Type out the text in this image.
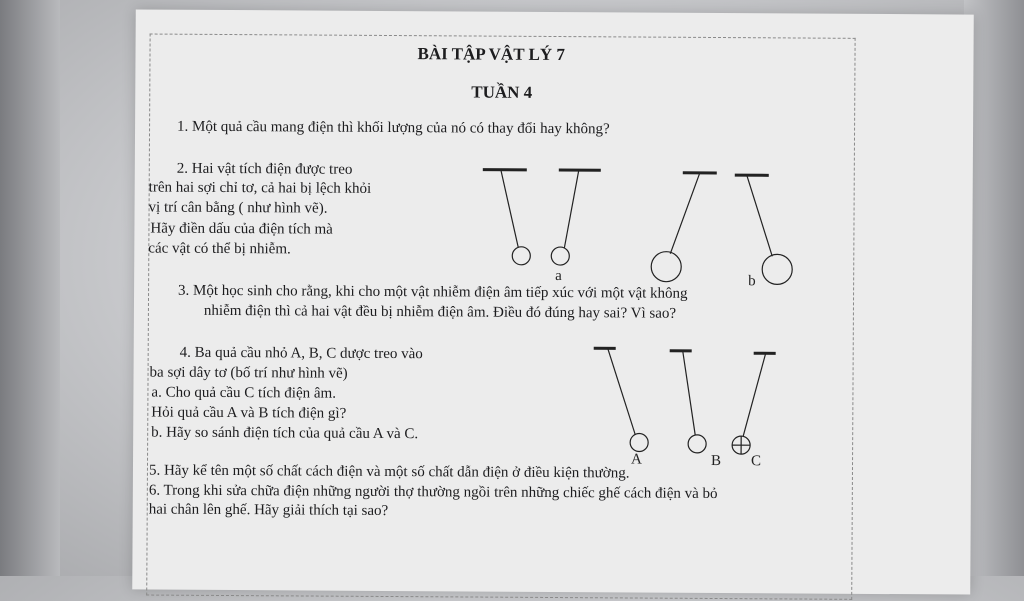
BÀI TẬP VẬT LÝ 7
TUẦN 4
1. Một quả cầu mang điện thì khối lượng của nó có thay đổi hay không?
2. Hai vật tích điện được treo
trên hai sợi chỉ tơ, cả hai bị lệch khỏi
vị trí cân bằng ( như hình vẽ).
Hãy điền dấu của điện tích mà
các vật có thể bị nhiễm.
a	b
A	B C
3. Một học sinh cho rằng, khi cho một vật nhiễm điện âm tiếp xúc với một vật không
nhiễm điện thì cả hai vật đều bị nhiễm điện âm. Điều đó đúng hay sai? Vì sao?
4. Ba quả cầu nhỏ A, B, C dược treo vào
ba sợi dây tơ (bố trí như hình vẽ)
a. Cho quả cầu C tích điện âm.
Hỏi quả cầu A và B tích điện gì?
b. Hãy so sánh điện tích của quả cầu A và C.
5. Hãy kể tên một số chất cách điện và một số chất dẫn điện ở điều kiện thường.
6. Trong khi sửa chữa điện những người thợ thường ngồi trên những chiếc ghế cách điện và bỏ
hai chân lên ghế. Hãy giải thích tại sao?
